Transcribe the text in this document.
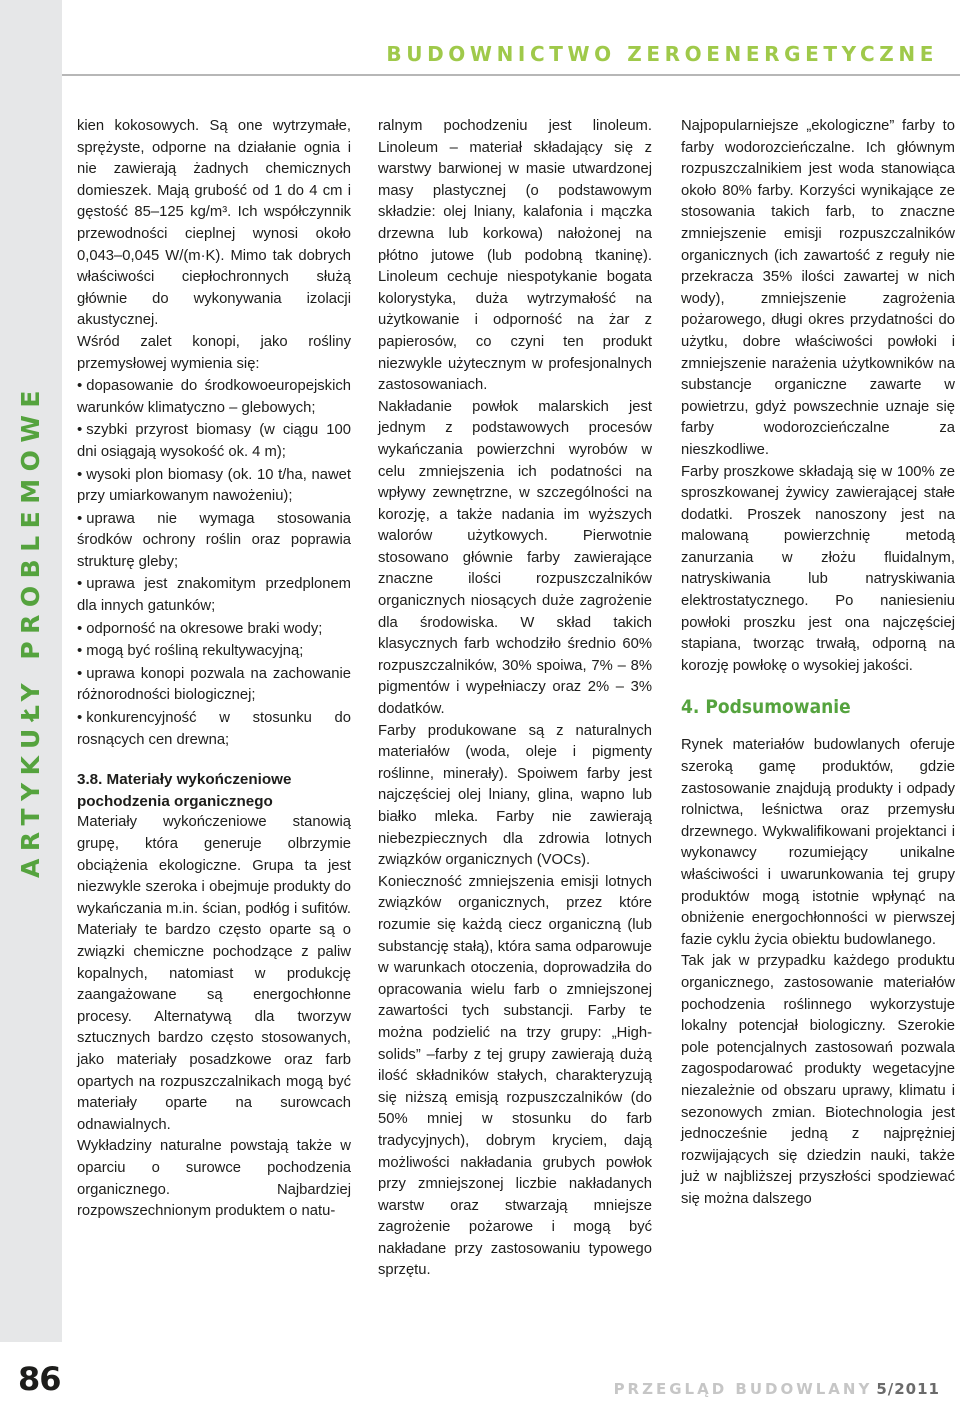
ARTYKUŁY PROBLEMOWE
86
BUDOWNICTWO ZEROENERGETYCZNE

kien kokosowych. Są one wytrzymałe, sprężyste, odporne na działanie ognia i nie zawierają żadnych chemicznych domieszek. Mają grubość od 1 do 4 cm i gęstość 85‒125 kg/m³. Ich współczynnik przewodności cieplnej wynosi około 0,043‒0,045 W/(m·K). Mimo tak dobrych właściwości ciepłochronnych służą głównie do wykonywania izolacji akustycznej.

Wśród zalet konopi, jako rośliny przemysłowej wymienia się:

• dopasowanie do środkowoeuropejskich warunków klimatyczno ‒ glebowych;
• szybki przyrost biomasy (w ciągu 100 dni osiągają wysokość ok. 4 m);
• wysoki plon biomasy (ok. 10 t/ha, nawet przy umiarkowanym nawożeniu);
• uprawa nie wymaga stosowania środków ochrony roślin oraz poprawia strukturę gleby;
• uprawa jest znakomitym przedplonem dla innych gatunków;
• odporność na okresowe braki wody;
• mogą być rośliną rekultywacyjną;
• uprawa konopi pozwala na zachowanie różnorodności biologicznej;
• konkurencyjność w stosunku do rosnących cen drewna;
3.8. Materiały wykończeniowe pochodzenia organicznego

Materiały wykończeniowe stanowią grupę, która generuje olbrzymie obciążenia ekologiczne. Grupa ta jest niezwykle szeroka i obejmuje produkty do wykańczania m.in. ścian, podłóg i sufitów. Materiały te bardzo często oparte są o związki chemiczne pochodzące z paliw kopalnych, natomiast w produkcję zaangażowane są energochłonne procesy. Alternatywą dla tworzyw sztucznych bardzo często stosowanych, jako materiały posadzkowe oraz farb opartych na rozpuszczalnikach mogą być materiały oparte na surowcach odnawialnych.

Wykładziny naturalne powstają także w oparciu o surowce pochodzenia organicznego. Najbardziej rozpowszechnionym produktem o natu-

ralnym pochodzeniu jest linoleum. Linoleum ‒ materiał składający się z warstwy barwionej w masie utwardzonej masy plastycznej (o podstawowym składzie: olej lniany, kalafonia i mączka drzewna lub korkowa) nałożonej na płótno jutowe (lub podobną tkaninę). Linoleum cechuje niespotykanie bogata kolorystyka, duża wytrzymałość na użytkowanie i odporność na żar z papierosów, co czyni ten produkt niezwykle użytecznym w profesjonalnych zastosowaniach.

Nakładanie powłok malarskich jest jednym z podstawowych procesów wykańczania powierzchni wyrobów w celu zmniejszenia ich podatności na wpływy zewnętrzne, w szczególności na korozję, a także nadania im wyższych walorów użytkowych. Pierwotnie stosowano głównie farby zawierające znaczne ilości rozpuszczalników organicznych niosących duże zagrożenie dla środowiska. W skład takich klasycznych farb wchodziło średnio 60% rozpuszczalników, 30% spoiwa, 7% ‒ 8% pigmentów i wypełniaczy oraz 2% ‒ 3% dodatków.

Farby produkowane są z naturalnych materiałów (woda, oleje i pigmenty roślinne, minerały). Spoiwem farby jest najczęściej olej lniany, glina, wapno lub białko mleka. Farby nie zawierają niebezpiecznych dla zdrowia lotnych związków organicznych (VOCs).

Konieczność zmniejszenia emisji lotnych związków organicznych, przez które rozumie się każdą ciecz organiczną (lub substancję stałą), która sama odparowuje w warunkach otoczenia, doprowadziła do opracowania wielu farb o zmniejszonej zawartości tych substancji. Farby te można podzielić na trzy grupy: „High-solids” ‒farby z tej grupy zawierają dużą ilość składników stałych, charakteryzują się niższą emisją rozpuszczalników (do 50% mniej w stosunku do farb tradycyjnych), dobrym kryciem, dają możliwości nakładania grubych powłok przy zmniejszonej liczbie nakładanych warstw oraz stwarzają mniejsze zagrożenie pożarowe i mogą być nakładane przy zastosowaniu typowego sprzętu.

Najpopularniejsze „ekologiczne” farby to farby wodorozcieńczalne. Ich głównym rozpuszczalnikiem jest woda stanowiąca około 80% farby. Korzyści wynikające ze stosowania takich farb, to znaczne zmniejszenie emisji rozpuszczalników organicznych (ich zawartość z reguły nie przekracza 35% ilości zawartej w nich wody), zmniejszenie zagrożenia pożarowego, długi okres przydatności do użytku, dobre właściwości powłoki i zmniejszenie narażenia użytkowników na substancje organiczne zawarte w powietrzu, gdyż powszechnie uznaje się farby wodorozcieńczalne za nieszkodliwe.

Farby proszkowe składają się w 100% ze sproszkowanej żywicy zawierającej stałe dodatki. Proszek nanoszony jest na malowaną powierzchnię metodą zanurzania w złożu fluidalnym, natryskiwania lub natryskiwania elektrostatycznego. Po naniesieniu powłoki proszku jest ona najczęściej stapiana, tworząc trwałą, odporną na korozję powłokę o wysokiej jakości.

4. Podsumowanie

Rynek materiałów budowlanych oferuje szeroką gamę produktów, gdzie zastosowanie znajdują produkty i odpady rolnictwa, leśnictwa oraz przemysłu drzewnego. Wykwalifikowani projektanci i wykonawcy rozumiejący unikalne właściwości i uwarunkowania tej grupy produktów mogą istotnie wpłynąć na obniżenie energochłonności w pierwszej fazie cyklu życia obiektu budowlanego.

Tak jak w przypadku każdego produktu organicznego, zastosowanie materiałów pochodzenia roślinnego wykorzystuje lokalny potencjał biologiczny. Szerokie pole potencjalnych zastosowań pozwala zagospodarować produkty wegetacyjne niezależnie od obszaru uprawy, klimatu i sezonowych zmian. Biotechnologia jest jednocześnie jedną z najprężniej rozwijających się dziedzin nauki, także już w najbliższej przyszłości spodziewać się można dalszego

PRZEGLĄD BUDOWLANY 5/2011
